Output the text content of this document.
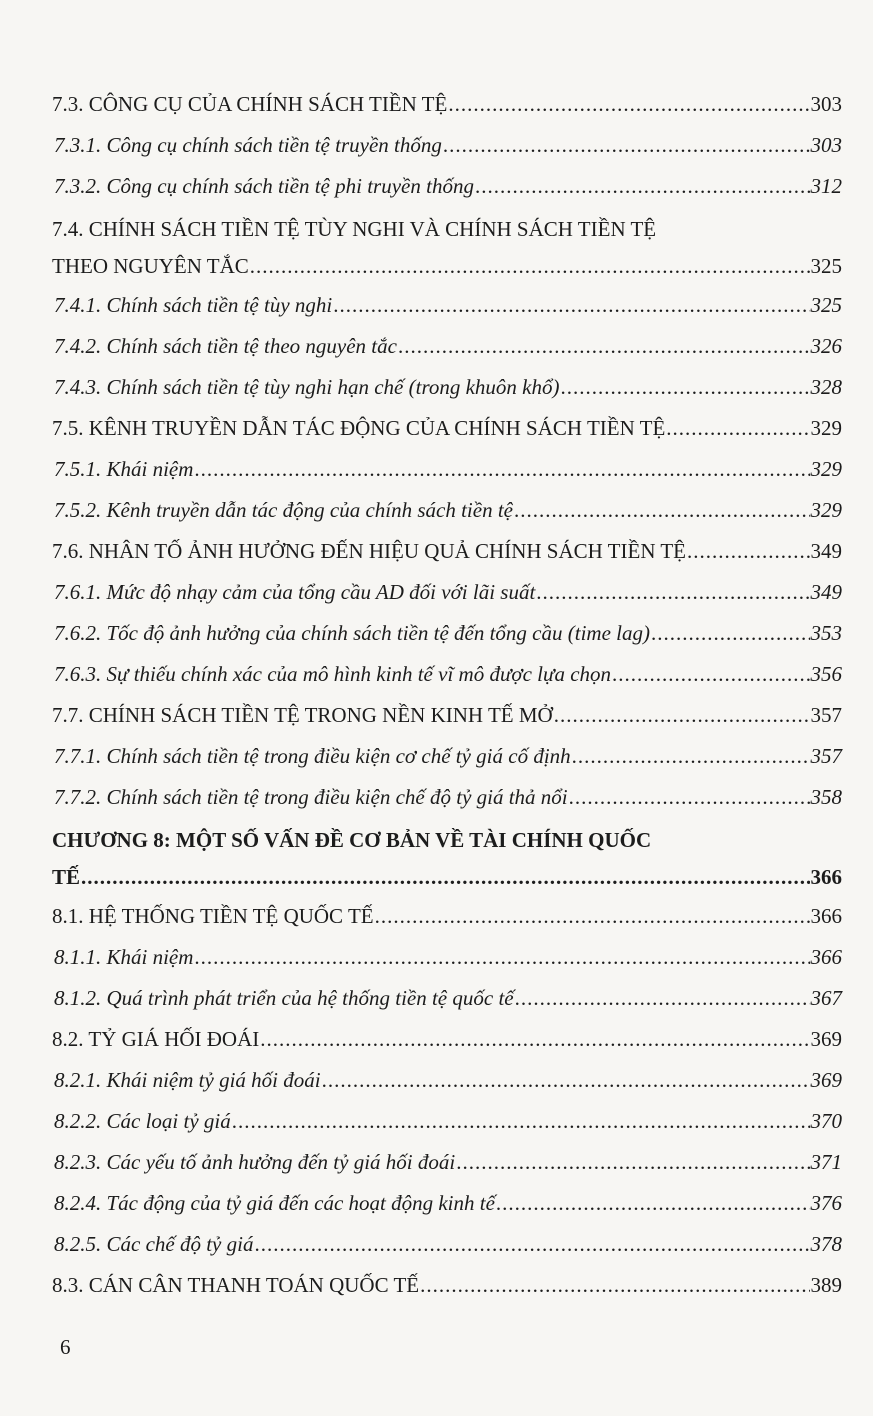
7.3. CÔNG CỤ CỦA CHÍNH SÁCH TIỀN TỆ .....	303
7.3.1. Công cụ chính sách tiền tệ truyền thống .....	303
7.3.2. Công cụ chính sách tiền tệ phi truyền thống .....	312
7.4. CHÍNH SÁCH TIỀN TỆ TÙY NGHI VÀ CHÍNH SÁCH TIỀN TỆ
THEO NGUYÊN TẮC .....	325
7.4.1. Chính sách tiền tệ tùy nghi .....	325
7.4.2. Chính sách tiền tệ theo nguyên tắc .....	326
7.4.3. Chính sách tiền tệ tùy nghi hạn chế (trong khuôn khổ) .....	328
7.5. KÊNH TRUYỀN DẪN TÁC ĐỘNG CỦA CHÍNH SÁCH TIỀN TỆ .....	329
7.5.1. Khái niệm .....	329
7.5.2. Kênh truyền dẫn tác động của chính sách tiền tệ .....	329
7.6. NHÂN TỐ ẢNH HƯỞNG ĐẾN HIỆU QUẢ CHÍNH SÁCH TIỀN TỆ .....	349
7.6.1. Mức độ nhạy cảm của tổng cầu AD đối với lãi suất .....	349
7.6.2. Tốc độ ảnh hưởng của chính sách tiền tệ đến tổng cầu (time lag) .....	353
7.6.3. Sự thiếu chính xác của mô hình kinh tế vĩ mô được lựa chọn .....	356
7.7. CHÍNH SÁCH TIỀN TỆ TRONG NỀN KINH TẾ MỞ .....	357
7.7.1. Chính sách tiền tệ trong điều kiện cơ chế tỷ giá cố định .....	357
7.7.2. Chính sách tiền tệ trong điều kiện chế độ tỷ giá thả nổi .....	358
CHƯƠNG 8: MỘT SỐ VẤN ĐỀ CƠ BẢN VỀ TÀI CHÍNH QUỐC
TẾ .....	366
8.1. HỆ THỐNG TIỀN TỆ QUỐC TẾ .....	366
8.1.1. Khái niệm .....	366
8.1.2. Quá trình phát triển của hệ thống tiền tệ quốc tế .....	367
8.2. TỶ GIÁ HỐI ĐOÁI .....	369
8.2.1. Khái niệm tỷ giá hối đoái .....	369
8.2.2. Các loại tỷ giá .....	370
8.2.3. Các yếu tố ảnh hưởng đến tỷ giá hối đoái .....	371
8.2.4. Tác động của tỷ giá đến các hoạt động kinh tế .....	376
8.2.5. Các chế độ tỷ giá .....	378
8.3. CÁN CÂN THANH TOÁN QUỐC TẾ .....	389
6
